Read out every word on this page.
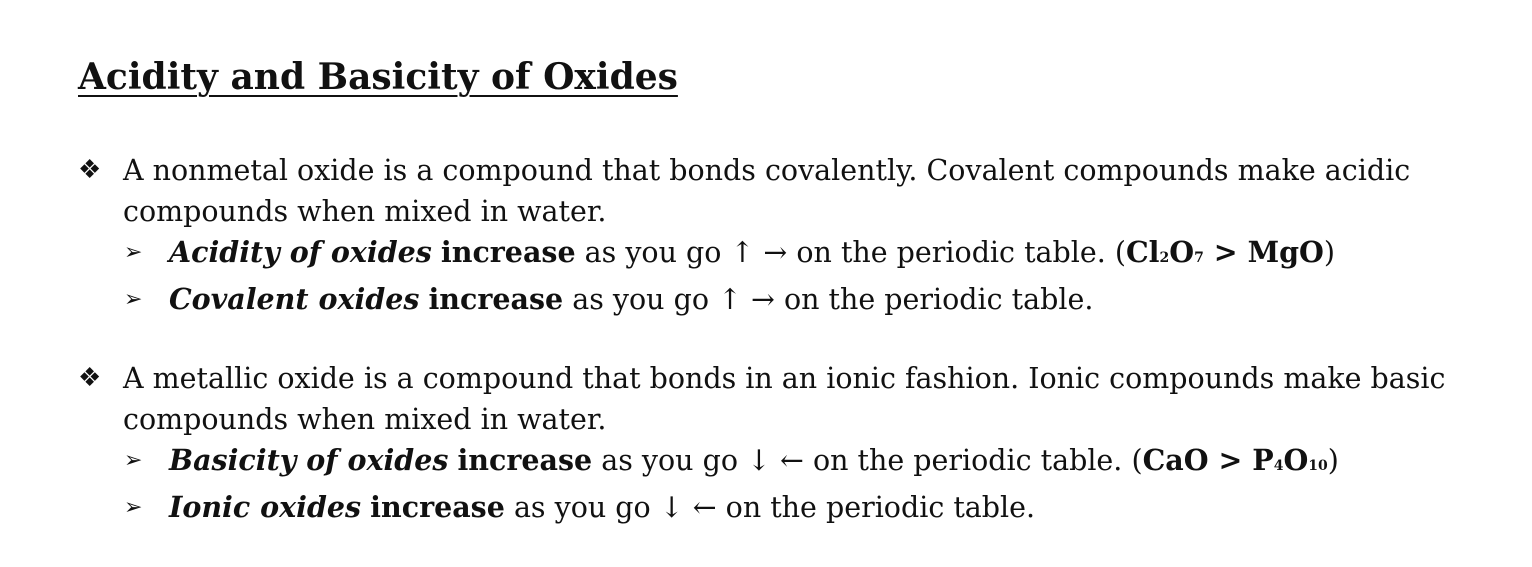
Acidity and Basicity of Oxides
❖ A nonmetal oxide is a compound that bonds covalently. Covalent compounds make acidic compounds when mixed in water.
➢ Acidity of oxides increase as you go ↑ → on the periodic table. (Cl2O7 > MgO)
➢ Covalent oxides increase as you go ↑ → on the periodic table.
❖ A metallic oxide is a compound that bonds in an ionic fashion. Ionic compounds make basic compounds when mixed in water.
➢ Basicity of oxides increase as you go ↓ ← on the periodic table. (CaO > P4O10)
➢ Ionic oxides increase as you go ↓ ← on the periodic table.
